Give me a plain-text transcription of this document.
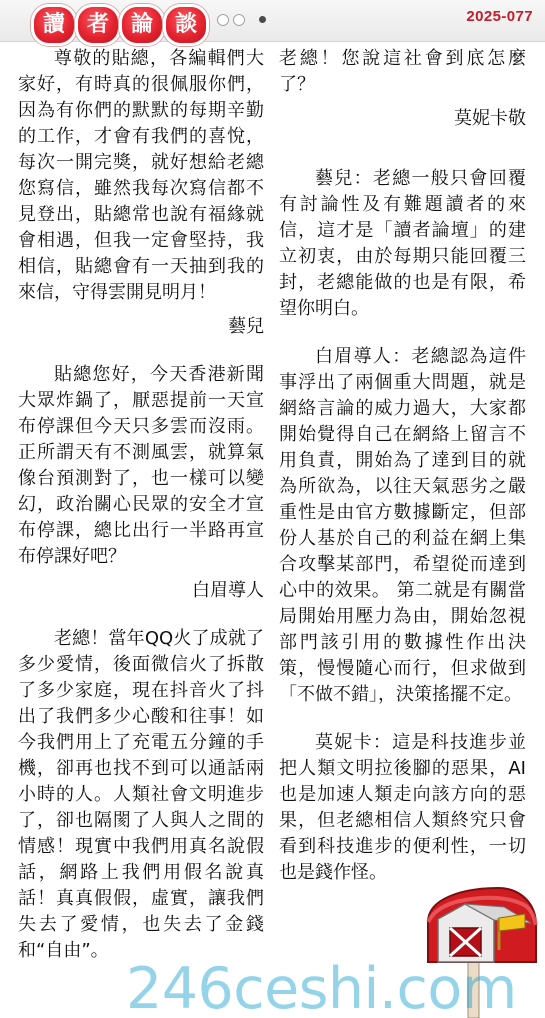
讀 者 論 談	2025-077

尊敬的貼總，各編輯們大家好，有時真的很佩服你們，因為有你們的默默的每期辛勤的工作，才會有我們的喜悅，每次一開完獎，就好想給老總您寫信，雖然我每次寫信都不見登出，貼總常也說有福緣就會相遇，但我一定會堅持，我相信，貼總會有一天抽到我的來信，守得雲開見明月！

藝兒

貼總您好，今天香港新聞大眾炸鍋了，厭惡提前一天宣布停課但今天只多雲而沒雨。正所謂天有不測風雲，就算氣像台預測對了，也一樣可以變幻，政治關心民眾的安全才宣布停課，總比出行一半路再宣布停課好吧？

白眉導人

老總！當年QQ火了成就了多少愛情，後面微信火了拆散了多少家庭，現在抖音火了抖出了我們多少心酸和往事！如今我們用上了充電五分鐘的手機，卻再也找不到可以通話兩小時的人。人類社會文明進步了，卻也隔閡了人與人之間的情感！現實中我們用真名說假話，網路上我們用假名說真話！真真假假，虛實，讓我們失去了愛情，也失去了金錢和“自由”。

老總！您說這社會到底怎麼了？

莫妮卡敬

藝兒：老總一般只會回覆有討論性及有難題讀者的來信，這才是「讀者論壇」的建立初衷，由於每期只能回覆三封，老總能做的也是有限，希望你明白。

白眉導人：老總認為這件事浮出了兩個重大問題，就是網絡言論的威力過大，大家都開始覺得自己在網絡上留言不用負責，開始為了達到目的就為所欲為，以往天氣惡劣之嚴重性是由官方數據斷定，但部份人基於自己的利益在網上集合攻擊某部門，希望從而達到心中的效果。 第二就是有關當局開始用壓力為由，開始忽視部門該引用的數據性作出決策，慢慢隨心而行，但求做到「不做不錯」，決策搖擺不定。

莫妮卡：這是科技進步並把人類文明拉後腳的惡果，AI也是加速人類走向該方向的惡果，但老總相信人類終究只會看到科技進步的便利性，一切也是錢作怪。

246ceshi.com
